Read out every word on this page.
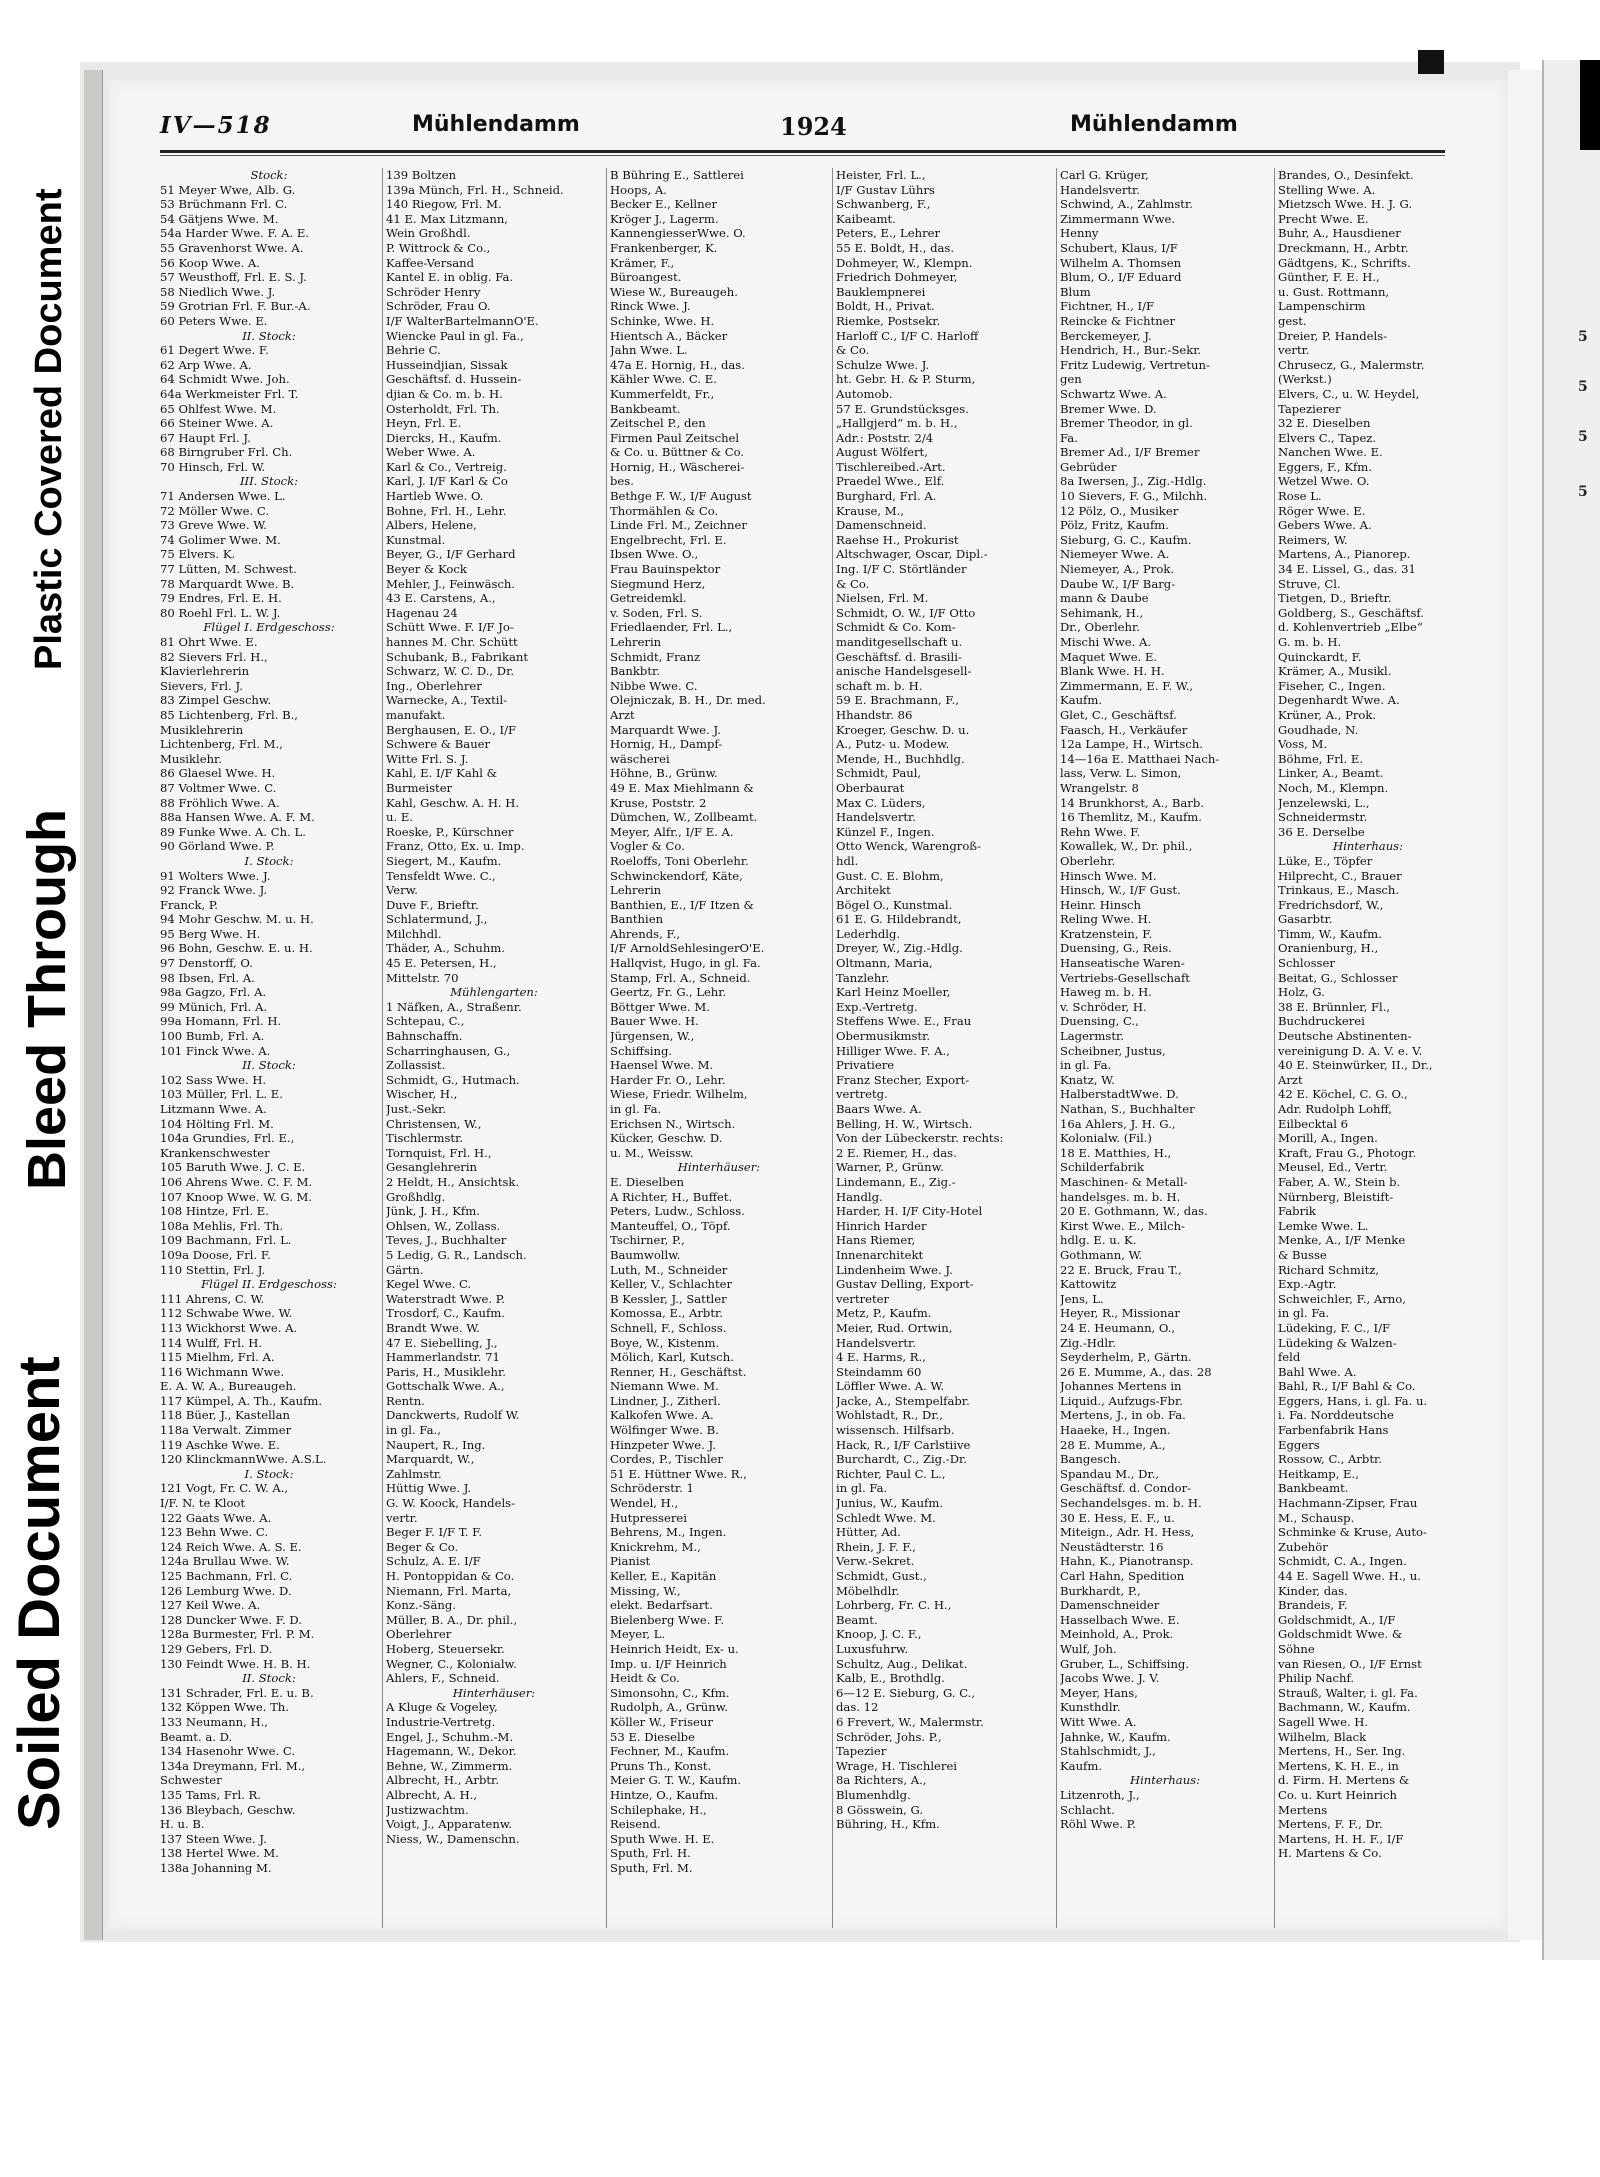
Soiled Document
Bleed Through
Plastic Covered Document
IV—518	Mühlendamm	1924	Mühlendamm
Stock:
51 Meyer Wwe, Alb. G.
53 Brüchmann Frl. C.
54 Gätjens Wwe. M.
54a Harder Wwe. F. A. E.
55 Gravenhorst Wwe. A.
56 Koop Wwe. A.
57 Weusthoff, Frl. E. S. J.
58 Niedlich Wwe. J.
59 Grotrian Frl. F. Bur.-A.
60 Peters Wwe. E.
II. Stock:
61 Degert Wwe. F.
62 Arp Wwe. A.
64 Schmidt Wwe. Joh.
64a Werkmeister Frl. T.
65 Ohlfest Wwe. M.
66 Steiner Wwe. A.
67 Haupt Frl. J.
68 Birngruber Frl. Ch.
70 Hinsch, Frl. W.
III. Stock:
71 Andersen Wwe. L.
72 Möller Wwe. C.
73 Greve Wwe. W.
74 Golimer Wwe. M.
75 Elvers. K.
77 Lütten, M. Schwest.
78 Marquardt Wwe. B.
79 Endres, Frl. E. H.
80 Roehl Frl. L. W. J.
Flügel I. Erdgeschoss:
81 Ohrt Wwe. E.
82 Sievers Frl. H.,
Klavierlehrerin
Sievers, Frl. J.
83 Zimpel Geschw.
85 Lichtenberg, Frl. B.,
Musiklehrerin
Lichtenberg, Frl. M.,
Musiklehr.
86 Glaesel Wwe. H.
87 Voltmer Wwe. C.
88 Fröhlich Wwe. A.
88a Hansen Wwe. A. F. M.
89 Funke Wwe. A. Ch. L.
90 Görland Wwe. P.
I. Stock:
91 Wolters Wwe. J.
92 Franck Wwe. J.
Franck, P.
94 Mohr Geschw. M. u. H.
95 Berg Wwe. H.
96 Bohn, Geschw. E. u. H.
97 Denstorff, O.
98 Ibsen, Frl. A.
98a Gagzo, Frl. A.
99 Münich, Frl. A.
99a Homann, Frl. H.
100 Bumb, Frl. A.
101 Finck Wwe. A.
II. Stock:
102 Sass Wwe. H.
103 Müller, Frl. L. E.
Litzmann Wwe. A.
104 Hölting Frl. M.
104a Grundies, Frl. E.,
Krankenschwester
105 Baruth Wwe. J. C. E.
106 Ahrens Wwe. C. F. M.
107 Knoop Wwe. W. G. M.
108 Hintze, Frl. E.
108a Mehlis, Frl. Th.
109 Bachmann, Frl. L.
109a Doose, Frl. F.
110 Stettin, Frl. J.
Flügel II. Erdgeschoss:
111 Ahrens, C. W.
112 Schwabe Wwe. W.
113 Wickhorst Wwe. A.
114 Wulff, Frl. H.
115 Mielhm, Frl. A.
116 Wichmann Wwe.
E. A. W. A., Bureaugeh.
117 Kümpel, A. Th., Kaufm.
118 Büer, J., Kastellan
118a Verwalt. Zimmer
119 Aschke Wwe. E.
120 KlinckmannWwe. A.S.L.
I. Stock:
121 Vogt, Fr. C. W. A.,
I/F. N. te Kloot
122 Gaats Wwe. A.
123 Behn Wwe. C.
124 Reich Wwe. A. S. E.
124a Brullau Wwe. W.
125 Bachmann, Frl. C.
126 Lemburg Wwe. D.
127 Keil Wwe. A.
128 Duncker Wwe. F. D.
128a Burmester, Frl. P. M.
129 Gebers, Frl. D.
130 Feindt Wwe. H. B. H.
II. Stock:
131 Schrader, Frl. E. u. B.
132 Köppen Wwe. Th.
133 Neumann, H.,
Beamt. a. D.
134 Hasenohr Wwe. C.
134a Dreymann, Frl. M.,
Schwester
135 Tams, Frl. R.
136 Bleybach, Geschw.
H. u. B.
137 Steen Wwe. J.
138 Hertel Wwe. M.
138a Johanning M.
139 Boltzen
139a Münch, Frl. H., Schneid.
140 Riegow, Frl. M.
41 E. Max Litzmann,
Wein Großhdl.
P. Wittrock & Co.,
Kaffee-Versand
Kantel E. in oblig. Fa.
Schröder Henry
Schröder, Frau O.
I/F WalterBartelmannO'E.
Wiencke Paul in gl. Fa.,
Behrie C.
Husseindjian, Sissak
Geschäftsf. d. Hussein-
djian & Co. m. b. H.
Osterholdt, Frl. Th.
Heyn, Frl. E.
Diercks, H., Kaufm.
Weber Wwe. A.
Karl & Co., Vertreig.
Karl, J. I/F Karl & Co
Hartleb Wwe. O.
Bohne, Frl. H., Lehr.
Albers, Helene,
Kunstmal.
Beyer, G., I/F Gerhard
Beyer & Kock
Mehler, J., Feinwäsch.
43 E. Carstens, A.,
Hagenau 24
Schütt Wwe. F. I/F Jo-
hannes M. Chr. Schütt
Schubank, B., Fabrikant
Schwarz, W. C. D., Dr.
Ing., Oberlehrer
Warnecke, A., Textil-
manufakt.
Berghausen, E. O., I/F
Schwere & Bauer
Witte Frl. S. J.
Kahl, E. I/F Kahl &
Burmeister
Kahl, Geschw. A. H. H.
u. E.
Roeske, P., Kürschner
Franz, Otto, Ex. u. Imp.
Siegert, M., Kaufm.
Tensfeldt Wwe. C.,
Verw.
Duve F., Brieftr.
Schlatermund, J.,
Milchhdl.
Thäder, A., Schuhm.
45 E. Petersen, H.,
Mittelstr. 70
Mühlengarten:
1 Näfken, A., Straßenr.
Schtepau, C.,
Bahnschaffn.
Scharringhausen, G.,
Zollassist.
Schmidt, G., Hutmach.
Wischer, H.,
Just.-Sekr.
Christensen, W.,
Tischlermstr.
Tornquist, Frl. H.,
Gesanglehrerin
2 Heldt, H., Ansichtsk.
Großhdlg.
Jünk, J. H., Kfm.
Ohlsen, W., Zollass.
Teves, J., Buchhalter
5 Ledig, G. R., Landsch.
Gärtn.
Kegel Wwe. C.
Waterstradt Wwe. P.
Trosdorf, C., Kaufm.
Brandt Wwe. W.
47 E. Siebelling, J.,
Hammerlandstr. 71
Paris, H., Musiklehr.
Gottschalk Wwe. A.,
Rentn.
Danckwerts, Rudolf W.
in gl. Fa.,
Naupert, R., Ing.
Marquardt, W.,
Zahlmstr.
Hüttig Wwe. J.
G. W. Koock, Handels-
vertr.
Beger F. I/F T. F.
Beger & Co.
Schulz, A. E. I/F
H. Pontoppidan & Co.
Niemann, Frl. Marta,
Konz.-Säng.
Müller, B. A., Dr. phil.,
Oberlehrer
Hoberg, Steuersekr.
Wegner, C., Kolonialw.
Ahlers, F., Schneid.
Hinterhäuser:
A Kluge & Vogeley,
Industrie-Vertretg.
Engel, J., Schuhm.-M.
Hagemann, W., Dekor.
Behne, W., Zimmerm.
Albrecht, H., Arbtr.
Albrecht, A. H.,
Justizwachtm.
Voigt, J., Apparatenw.
Niess, W., Damenschn.
B Bühring E., Sattlerei
Hoops, A.
Becker E., Kellner
Kröger J., Lagerm.
KannengiesserWwe. O.
Frankenberger, K.
Krämer, F.,
Büroangest.
Wiese W., Bureaugeh.
Rinck Wwe. J.
Schinke, Wwe. H.
Hientsch A., Bäcker
Jahn Wwe. L.
47a E. Hornig, H., das.
Kähler Wwe. C. E.
Kummerfeldt, Fr.,
Bankbeamt.
Zeitschel P., den
Firmen Paul Zeitschel
& Co. u. Büttner & Co.
Hornig, H., Wäscherei-
bes.
Bethge F. W., I/F August
Thormählen & Co.
Linde Frl. M., Zeichner
Engelbrecht, Frl. E.
Ibsen Wwe. O.,
Frau Bauinspektor
Siegmund Herz,
Getreidemkl.
v. Soden, Frl. S.
Friedlaender, Frl. L.,
Lehrerin
Schmidt, Franz
Bankbtr.
Nibbe Wwe. C.
Olejniczak, B. H., Dr. med.
Arzt
Marquardt Wwe. J.
Hornig, H., Dampf-
wäscherei
Höhne, B., Grünw.
49 E. Max Miehlmann &
Kruse, Poststr. 2
Dümchen, W., Zollbeamt.
Meyer, Alfr., I/F E. A.
Vogler & Co.
Roeloffs, Toni Oberlehr.
Schwinckendorf, Käte,
Lehrerin
Banthien, E., I/F Itzen &
Banthien
Ahrends, F.,
I/F ArnoldSehlesingerO'E.
Hallqvist, Hugo, in gl. Fa.
Stamp, Frl. A., Schneid.
Geertz, Fr. G., Lehr.
Böttger Wwe. M.
Bauer Wwe. H.
Jürgensen, W.,
Schiffsing.
Haensel Wwe. M.
Harder Fr. O., Lehr.
Wiese, Friedr. Wilhelm,
in gl. Fa.
Erichsen N., Wirtsch.
Kücker, Geschw. D.
u. M., Weissw.
Hinterhäuser:
E. Dieselben
A Richter, H., Buffet.
Peters, Ludw., Schloss.
Manteuffel, O., Töpf.
Tschirner, P.,
Baumwollw.
Luth, M., Schneider
Keller, V., Schlachter
B Kessler, J., Sattler
Komossa, E., Arbtr.
Schnell, F., Schloss.
Boye, W., Kistenm.
Mölich, Karl, Kutsch.
Renner, H., Geschäftst.
Niemann Wwe. M.
Lindner, J., Zitherl.
Kalkofen Wwe. A.
Wölfinger Wwe. B.
Hinzpeter Wwe. J.
Cordes, P., Tischler
51 E. Hüttner Wwe. R.,
Schröderstr. 1
Wendel, H.,
Hutpresserei
Behrens, M., Ingen.
Knickrehm, M.,
Pianist
Keller, E., Kapitän
Missing, W.,
elekt. Bedarfsart.
Bielenberg Wwe. F.
Meyer, L.
Heinrich Heidt, Ex- u.
Imp. u. I/F Heinrich
Heidt & Co.
Simonsohn, C., Kfm.
Rudolph, A., Grünw.
Köller W., Friseur
53 E. Dieselbe
Fechner, M., Kaufm.
Pruns Th., Konst.
Meier G. T. W., Kaufm.
Hintze, O., Kaufm.
Schilephake, H.,
Reisend.
Sputh Wwe. H. E.
Sputh, Frl. H.
Sputh, Frl. M.
Heister, Frl. L.,
I/F Gustav Lührs
Schwanberg, F.,
Kaibeamt.
Peters, E., Lehrer
55 E. Boldt, H., das.
Dohmeyer, W., Klempn.
Friedrich Dohmeyer,
Bauklempnerei
Boldt, H., Privat.
Riemke, Postsekr.
Harloff C., I/F C. Harloff
& Co.
Schulze Wwe. J.
ht. Gebr. H. & P. Sturm,
Automob.
57 E. Grundstücksges.
„Hallgjerd“ m. b. H.,
Adr.: Poststr. 2/4
August Wölfert,
Tischlereibed.-Art.
Praedel Wwe., Elf.
Burghard, Frl. A.
Krause, M.,
Damenschneid.
Raehse H., Prokurist
Altschwager, Oscar, Dipl.-
Ing. I/F C. Störtländer
& Co.
Nielsen, Frl. M.
Schmidt, O. W., I/F Otto
Schmidt & Co. Kom-
manditgesellschaft u.
Geschäftsf. d. Brasili-
anische Handelsgesell-
schaft m. b. H.
59 E. Brachmann, F.,
Hhandstr. 86
Kroeger, Geschw. D. u.
A., Putz- u. Modew.
Mende, H., Buchhdlg.
Schmidt, Paul,
Oberbaurat
Max C. Lüders,
Handelsvertr.
Künzel F., Ingen.
Otto Wenck, Warengroß-
hdl.
Gust. C. E. Blohm,
Architekt
Bögel O., Kunstmal.
61 E. G. Hildebrandt,
Lederhdlg.
Dreyer, W., Zig.-Hdlg.
Oltmann, Maria,
Tanzlehr.
Karl Heinz Moeller,
Exp.-Vertretg.
Steffens Wwe. E., Frau
Obermusikmstr.
Hilliger Wwe. F. A.,
Privatiere
Franz Stecher, Export-
vertretg.
Baars Wwe. A.
Belling, H. W., Wirtsch.
Von der Lübeckerstr. rechts:
2 E. Riemer, H., das.
Warner, P., Grünw.
Lindemann, E., Zig.-
Handlg.
Harder, H. I/F City-Hotel
Hinrich Harder
Hans Riemer,
Innenarchitekt
Lindenheim Wwe. J.
Gustav Delling, Export-
vertreter
Metz, P., Kaufm.
Meier, Rud. Ortwin,
Handelsvertr.
4 E. Harms, R.,
Steindamm 60
Löffler Wwe. A. W.
Jacke, A., Stempelfabr.
Wohlstadt, R., Dr.,
wissensch. Hilfsarb.
Hack, R., I/F Carlstiive
Burchardt, C., Zig.-Dr.
Richter, Paul C. L.,
in gl. Fa.
Junius, W., Kaufm.
Schledt Wwe. M.
Hütter, Ad.
Rhein, J. F. F.,
Verw.-Sekret.
Schmidt, Gust.,
Möbelhdlr.
Lohrberg, Fr. C. H.,
Beamt.
Knoop, J. C. F.,
Luxusfuhrw.
Schultz, Aug., Delikat.
Kalb, E., Brothdlg.
6—12 E. Sieburg, G. C.,
das. 12
6 Frevert, W., Malermstr.
Schröder, Johs. P.,
Tapezier
Wrage, H. Tischlerei
8a Richters, A.,
Blumenhdlg.
8 Gösswein, G.
Bühring, H., Kfm.
Carl G. Krüger,
Handelsvertr.
Schwind, A., Zahlmstr.
Zimmermann Wwe.
Henny
Schubert, Klaus, I/F
Wilhelm A. Thomsen
Blum, O., I/F Eduard
Blum
Fichtner, H., I/F
Reincke & Fichtner
Berckemeyer, J.
Hendrich, H., Bur.-Sekr.
Fritz Ludewig, Vertretun-
gen
Schwartz Wwe. A.
Bremer Wwe. D.
Bremer Theodor, in gl.
Fa.
Bremer Ad., I/F Bremer
Gebrüder
8a Iwersen, J., Zig.-Hdlg.
10 Sievers, F. G., Milchh.
12 Pölz, O., Musiker
Pölz, Fritz, Kaufm.
Sieburg, G. C., Kaufm.
Niemeyer Wwe. A.
Niemeyer, A., Prok.
Daube W., I/F Barg-
mann & Daube
Sehimank, H.,
Dr., Oberlehr.
Mischi Wwe. A.
Maquet Wwe. E.
Blank Wwe. H. H.
Zimmermann, E. F. W.,
Kaufm.
Glet, C., Geschäftsf.
Faasch, H., Verkäufer
12a Lampe, H., Wirtsch.
14—16a E. Matthaei Nach-
lass, Verw. L. Simon,
Wrangelstr. 8
14 Brunkhorst, A., Barb.
16 Themlitz, M., Kaufm.
Rehn Wwe. F.
Kowallek, W., Dr. phil.,
Oberlehr.
Hinsch Wwe. M.
Hinsch, W., I/F Gust.
Heinr. Hinsch
Reling Wwe. H.
Kratzenstein, F.
Duensing, G., Reis.
Hanseatische Waren-
Vertriebs-Gesellschaft
Haweg m. b. H.
v. Schröder, H.
Duensing, C.,
Lagermstr.
Scheibner, Justus,
in gl. Fa.
Knatz, W.
HalberstadtWwe. D.
Nathan, S., Buchhalter
16a Ahlers, J. H. G.,
Kolonialw. (Fil.)
18 E. Matthies, H.,
Schilderfabrik
Maschinen- & Metall-
handelsges. m. b. H.
20 E. Gothmann, W., das.
Kirst Wwe. E., Milch-
hdlg. E. u. K.
Gothmann, W.
22 E. Bruck, Frau T.,
Kattowitz
Jens, L.
Heyer, R., Missionar
24 E. Heumann, O.,
Zig.-Hdlr.
Seyderhelm, P., Gärtn.
26 E. Mumme, A., das. 28
Johannes Mertens in
Liquid., Aufzugs-Fbr.
Mertens, J., in ob. Fa.
Haaeke, H., Ingen.
28 E. Mumme, A.,
Bangesch.
Spandau M., Dr.,
Geschäftsf. d. Condor-
Sechandelsges. m. b. H.
30 E. Hess, E. F., u.
Miteign., Adr. H. Hess,
Neustädterstr. 16
Hahn, K., Pianotransp.
Carl Hahn, Spedition
Burkhardt, P.,
Damenschneider
Hasselbach Wwe. E.
Meinhold, A., Prok.
Wulf, Joh.
Gruber, L., Schiffsing.
Jacobs Wwe. J. V.
Meyer, Hans,
Kunsthdlr.
Witt Wwe. A.
Jahnke, W., Kaufm.
Stahlschmidt, J.,
Kaufm.
Hinterhaus:
Litzenroth, J.,
Schlacht.
Röhl Wwe. P.
Brandes, O., Desinfekt.
Stelling Wwe. A.
Mietzsch Wwe. H. J. G.
Precht Wwe. E.
Buhr, A., Hausdiener
Dreckmann, H., Arbtr.
Gädtgens, K., Schrifts.
Günther, F. E. H.,
u. Gust. Rottmann,
Lampenschirm
gest.
Dreier, P. Handels-
vertr.
Chrusecz, G., Malermstr.
(Werkst.)
Elvers, C., u. W. Heydel,
Tapezierer
32 E. Dieselben
Elvers C., Tapez.
Nanchen Wwe. E.
Eggers, F., Kfm.
Wetzel Wwe. O.
Rose L.
Röger Wwe. E.
Gebers Wwe. A.
Reimers, W.
Martens, A., Pianorep.
34 E. Lissel, G., das. 31
Struve, Cl.
Tietgen, D., Brieftr.
Goldberg, S., Geschäftsf.
d. Kohlenvertrieb „Elbe“
G. m. b. H.
Quinckardt, F.
Krämer, A., Musikl.
Fiseher, C., Ingen.
Degenhardt Wwe. A.
Krüner, A., Prok.
Goudhade, N.
Voss, M.
Böhme, Frl. E.
Linker, A., Beamt.
Noch, M., Klempn.
Jenzelewski, L.,
Schneidermstr.
36 E. Derselbe
Hinterhaus:
Lüke, E., Töpfer
Hilprecht, C., Brauer
Trinkaus, E., Masch.
Fredrichsdorf, W.,
Gasarbtr.
Timm, W., Kaufm.
Oranienburg, H.,
Schlosser
Beitat, G., Schlosser
Holz, G.
38 E. Brünnler, Fl.,
Buchdruckerei
Deutsche Abstinenten-
vereinigung D. A. V. e. V.
40 E. Steinwürker, II., Dr.,
Arzt
42 E. Köchel, C. G. O.,
Adr. Rudolph Lohff,
Eilbecktal 6
Morill, A., Ingen.
Kraft, Frau G., Photogr.
Meusel, Ed., Vertr.
Faber, A. W., Stein b.
Nürnberg, Bleistift-
Fabrik
Lemke Wwe. L.
Menke, A., I/F Menke
& Busse
Richard Schmitz,
Exp.-Agtr.
Schweichler, F., Arno,
in gl. Fa.
Lüdeking, F. C., I/F
Lüdeking & Walzen-
feld
Bahl Wwe. A.
Bahl, R., I/F Bahl & Co.
Eggers, Hans, i. gl. Fa. u.
i. Fa. Norddeutsche
Farbenfabrik Hans
Eggers
Rossow, C., Arbtr.
Heitkamp, E.,
Bankbeamt.
Hachmann-Zipser, Frau
M., Schausp.
Schminke & Kruse, Auto-
Zubehör
Schmidt, C. A., Ingen.
44 E. Sagell Wwe. H., u.
Kinder, das.
Brandeis, F.
Goldschmidt, A., I/F
Goldschmidt Wwe. &
Söhne
van Riesen, O., I/F Ernst
Philip Nachf.
Strauß, Walter, i. gl. Fa.
Bachmann, W., Kaufm.
Sagell Wwe. H.
Wilhelm, Black
Mertens, H., Ser. Ing.
Mertens, K. H. E., in
d. Firm. H. Mertens &
Co. u. Kurt Heinrich
Mertens
Mertens, F. F., Dr.
Martens, H. H. F., I/F
H. Martens & Co.
5
5
5
5
